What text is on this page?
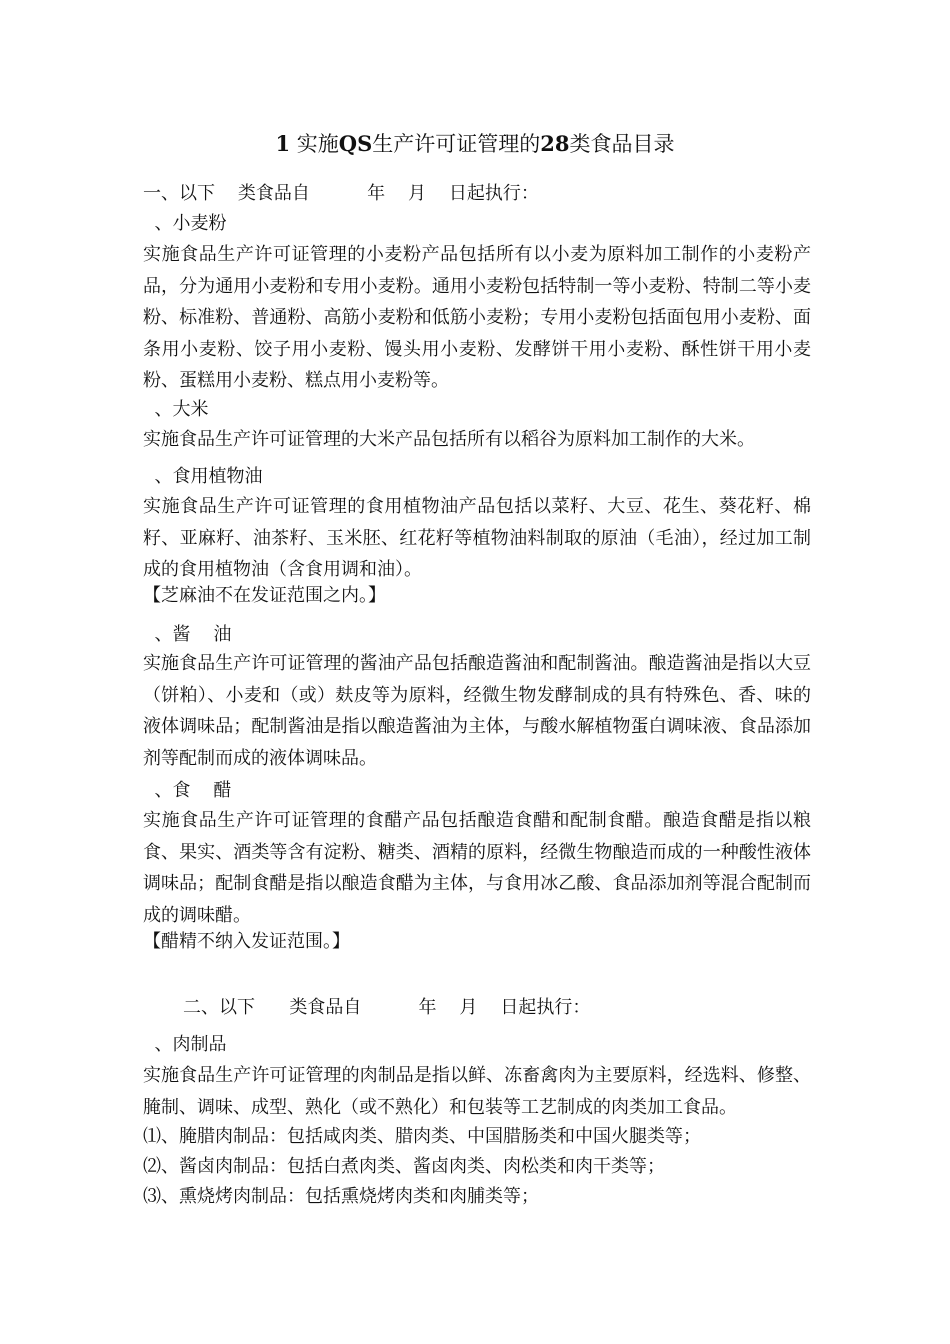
1 实施QS生产许可证管理的28类食品目录
一、以下    类食品自          年    月    日起执行：
、小麦粉
实施食品生产许可证管理的小麦粉产品包括所有以小麦为原料加工制作的小麦粉产品，分为通用小麦粉和专用小麦粉。通用小麦粉包括特制一等小麦粉、特制二等小麦粉、标准粉、普通粉、高筋小麦粉和低筋小麦粉；专用小麦粉包括面包用小麦粉、面条用小麦粉、饺子用小麦粉、馒头用小麦粉、发酵饼干用小麦粉、酥性饼干用小麦粉、蛋糕用小麦粉、糕点用小麦粉等。
、大米
实施食品生产许可证管理的大米产品包括所有以稻谷为原料加工制作的大米。
、食用植物油
实施食品生产许可证管理的食用植物油产品包括以菜籽、大豆、花生、葵花籽、棉籽、亚麻籽、油茶籽、玉米胚、红花籽等植物油料制取的原油（毛油），经过加工制成的食用植物油（含食用调和油）。
【芝麻油不在发证范围之内。】
、酱    油
实施食品生产许可证管理的酱油产品包括酿造酱油和配制酱油。酿造酱油是指以大豆（饼粕）、小麦和（或）麸皮等为原料，经微生物发酵制成的具有特殊色、香、味的液体调味品；配制酱油是指以酿造酱油为主体，与酸水解植物蛋白调味液、食品添加剂等配制而成的液体调味品。
、食    醋
实施食品生产许可证管理的食醋产品包括酿造食醋和配制食醋。酿造食醋是指以粮食、果实、酒类等含有淀粉、糖类、酒精的原料，经微生物酿造而成的一种酸性液体调味品；配制食醋是指以酿造食醋为主体，与食用冰乙酸、食品添加剂等混合配制而成的调味醋。
【醋精不纳入发证范围。】
二、以下      类食品自          年    月    日起执行：
、肉制品
实施食品生产许可证管理的肉制品是指以鲜、冻畜禽肉为主要原料，经选料、修整、腌制、调味、成型、熟化（或不熟化）和包装等工艺制成的肉类加工食品。
⑴、腌腊肉制品：包括咸肉类、腊肉类、中国腊肠类和中国火腿类等；
⑵、酱卤肉制品：包括白煮肉类、酱卤肉类、肉松类和肉干类等；
⑶、熏烧烤肉制品：包括熏烧烤肉类和肉脯类等；
